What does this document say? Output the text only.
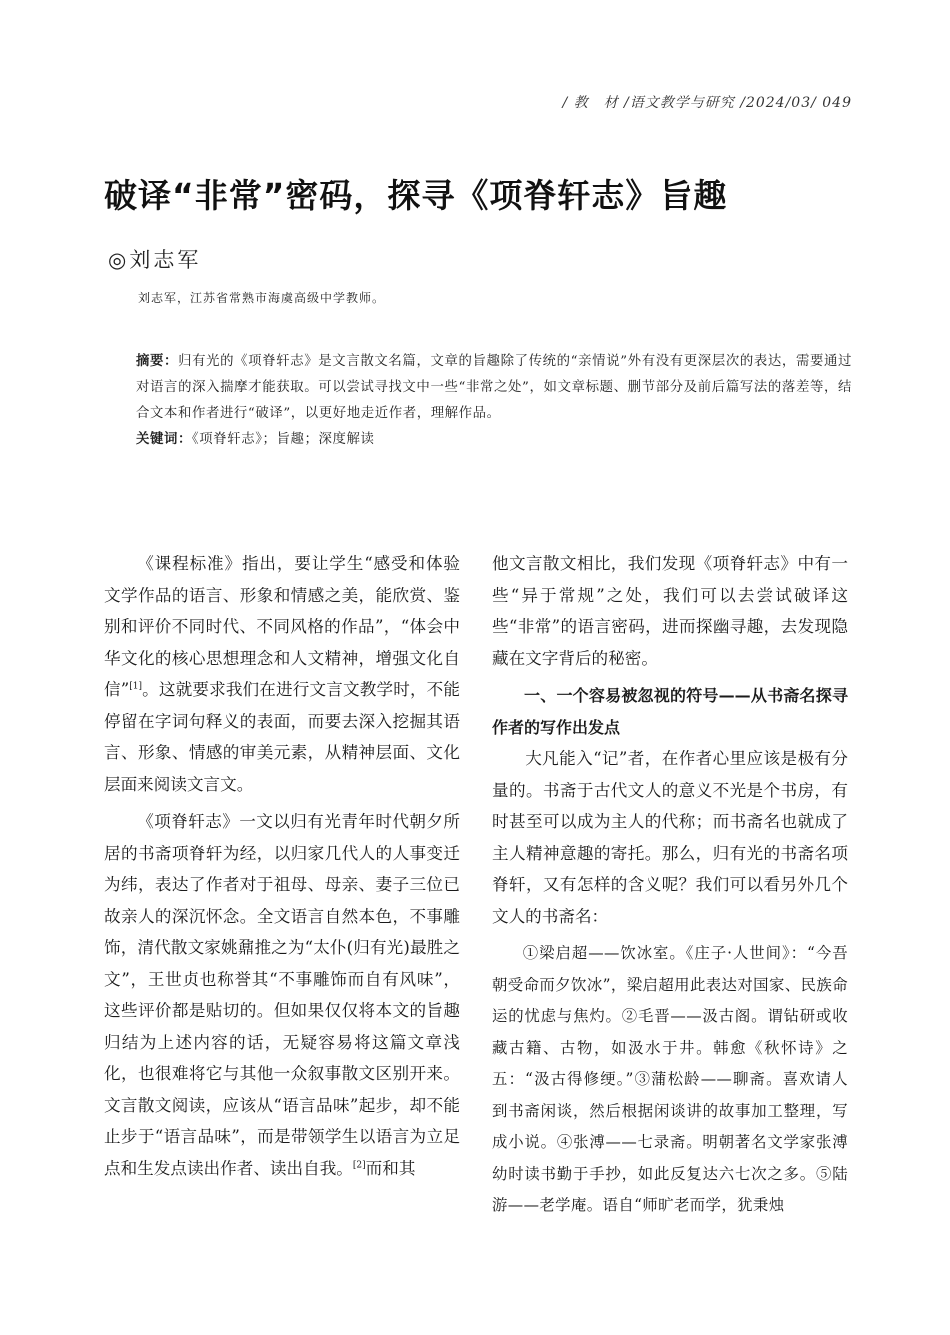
/ 教　材 /语文教学与研究 /2024/03/ 049
破译“非常”密码，探寻《项脊轩志》旨趣
◎刘志军
刘志军，江苏省常熟市海虞高级中学教师。
摘要：归有光的《项脊轩志》是文言散文名篇，文章的旨趣除了传统的“亲情说”外有没有更深层次的表达，需要通过对语言的深入揣摩才能获取。可以尝试寻找文中一些“非常之处”，如文章标题、删节部分及前后篇写法的落差等，结合文本和作者进行“破译”，以更好地走近作者，理解作品。
关键词：《项脊轩志》；旨趣；深度解读

《课程标准》指出，要让学生“感受和体验文学作品的语言、形象和情感之美，能欣赏、鉴别和评价不同时代、不同风格的作品”，“体会中华文化的核心思想理念和人文精神，增强文化自信”[1]。这就要求我们在进行文言文教学时，不能停留在字词句释义的表面，而要去深入挖掘其语言、形象、情感的审美元素，从精神层面、文化层面来阅读文言文。

《项脊轩志》一文以归有光青年时代朝夕所居的书斋项脊轩为经，以归家几代人的人事变迁为纬，表达了作者对于祖母、母亲、妻子三位已故亲人的深沉怀念。全文语言自然本色，不事雕饰，清代散文家姚鼐推之为“太仆(归有光)最胜之文”，王世贞也称誉其“不事雕饰而自有风味”，这些评价都是贴切的。但如果仅仅将本文的旨趣归结为上述内容的话，无疑容易将这篇文章浅化，也很难将它与其他一众叙事散文区别开来。文言散文阅读，应该从“语言品味”起步，却不能止步于“语言品味”，而是带领学生以语言为立足点和生发点读出作者、读出自我。[2]而和其

他文言散文相比，我们发现《项脊轩志》中有一些“异于常规”之处，我们可以去尝试破译这些“非常”的语言密码，进而探幽寻趣，去发现隐藏在文字背后的秘密。

一、一个容易被忽视的符号——从书斋名探寻作者的写作出发点

大凡能入“记”者，在作者心里应该是极有分量的。书斋于古代文人的意义不光是个书房，有时甚至可以成为主人的代称；而书斋名也就成了主人精神意趣的寄托。那么，归有光的书斋名项脊轩，又有怎样的含义呢？我们可以看另外几个文人的书斋名：

①梁启超——饮冰室。《庄子·人世间》：“今吾朝受命而夕饮冰”，梁启超用此表达对国家、民族命运的忧虑与焦灼。②毛晋——汲古阁。谓钻研或收藏古籍、古物，如汲水于井。韩愈《秋怀诗》之五：“汲古得修绠。”③蒲松龄——聊斋。喜欢请人到书斋闲谈，然后根据闲谈讲的故事加工整理，写成小说。④张溥——七录斋。明朝著名文学家张溥幼时读书勤于手抄，如此反复达六七次之多。⑤陆游——老学庵。语自“师旷老而学，犹秉烛
